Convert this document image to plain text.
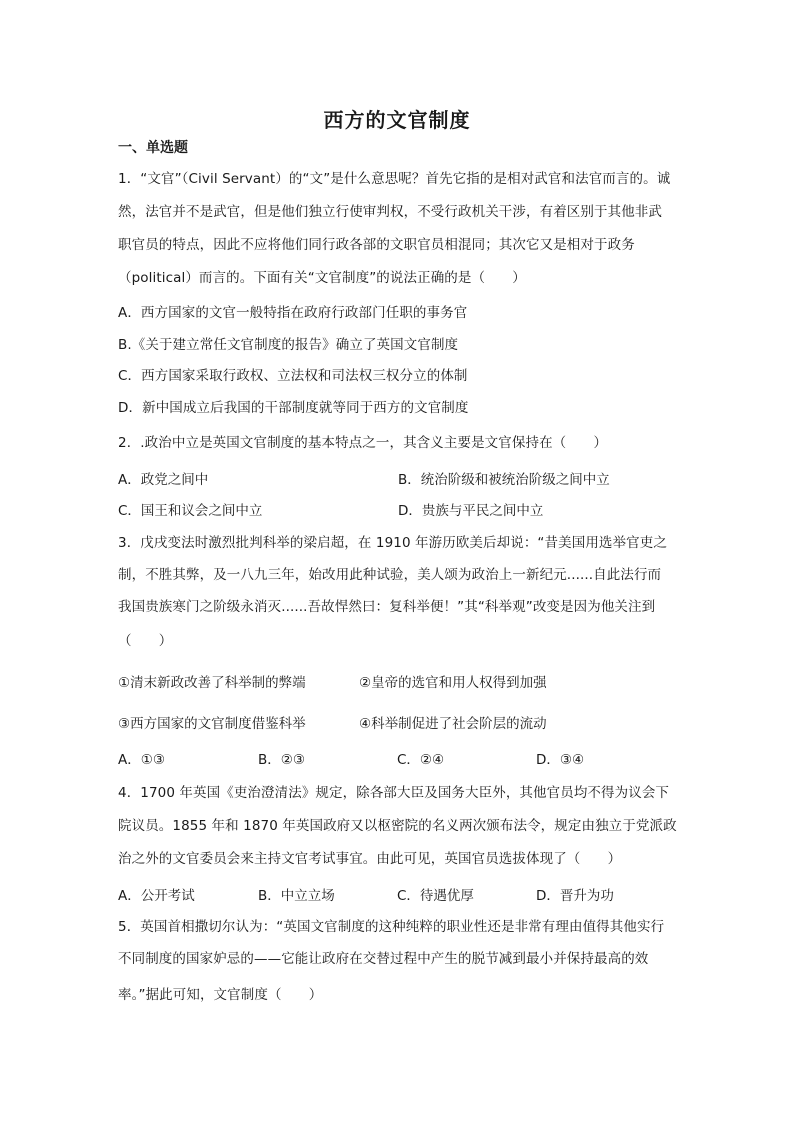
西方的文官制度
一、单选题
1．“文官”（Civil Servant）的“文”是什么意思呢？首先它指的是相对武官和法官而言的。诚
然，法官并不是武官，但是他们独立行使审判权，不受行政机关干涉，有着区别于其他非武
职官员的特点，因此不应将他们同行政各部的文职官员相混同；其次它又是相对于政务
（political）而言的。下面有关“文官制度”的说法正确的是（　　）
A．西方国家的文官一般特指在政府行政部门任职的事务官
B.《关于建立常任文官制度的报告》确立了英国文官制度
C．西方国家采取行政权、立法权和司法权三权分立的体制
D．新中国成立后我国的干部制度就等同于西方的文官制度
2．.政治中立是英国文官制度的基本特点之一，其含义主要是文官保持在（　　）
A．政党之间中	B．统治阶级和被统治阶级之间中立
C．国王和议会之间中立	D．贵族与平民之间中立
3．戊戌变法时激烈批判科举的梁启超，在 1910 年游历欧美后却说：“昔美国用选举官吏之
制，不胜其弊，及一八九三年，始改用此种试验，美人颂为政治上一新纪元......自此法行而
我国贵族寒门之阶级永消灭......吾故悍然曰：复科举便！”其“科举观”改变是因为他关注到
（　　）
①清末新政改善了科举制的弊端	②皇帝的选官和用人权得到加强
③西方国家的文官制度借鉴科举	④科举制促进了社会阶层的流动
A．①③	B．②③	C．②④	D．③④
4．1700 年英国《吏治澄清法》规定，除各部大臣及国务大臣外，其他官员均不得为议会下
院议员。1855 年和 1870 年英国政府又以枢密院的名义两次颁布法令，规定由独立于党派政
治之外的文官委员会来主持文官考试事宜。由此可见，英国官员选拔体现了（　　）
A．公开考试	B．中立立场	C．待遇优厚	D．晋升为功
5．英国首相撒切尔认为：“英国文官制度的这种纯粹的职业性还是非常有理由值得其他实行
不同制度的国家妒忌的——它能让政府在交替过程中产生的脱节减到最小并保持最高的效
率。”据此可知，文官制度（　　）
